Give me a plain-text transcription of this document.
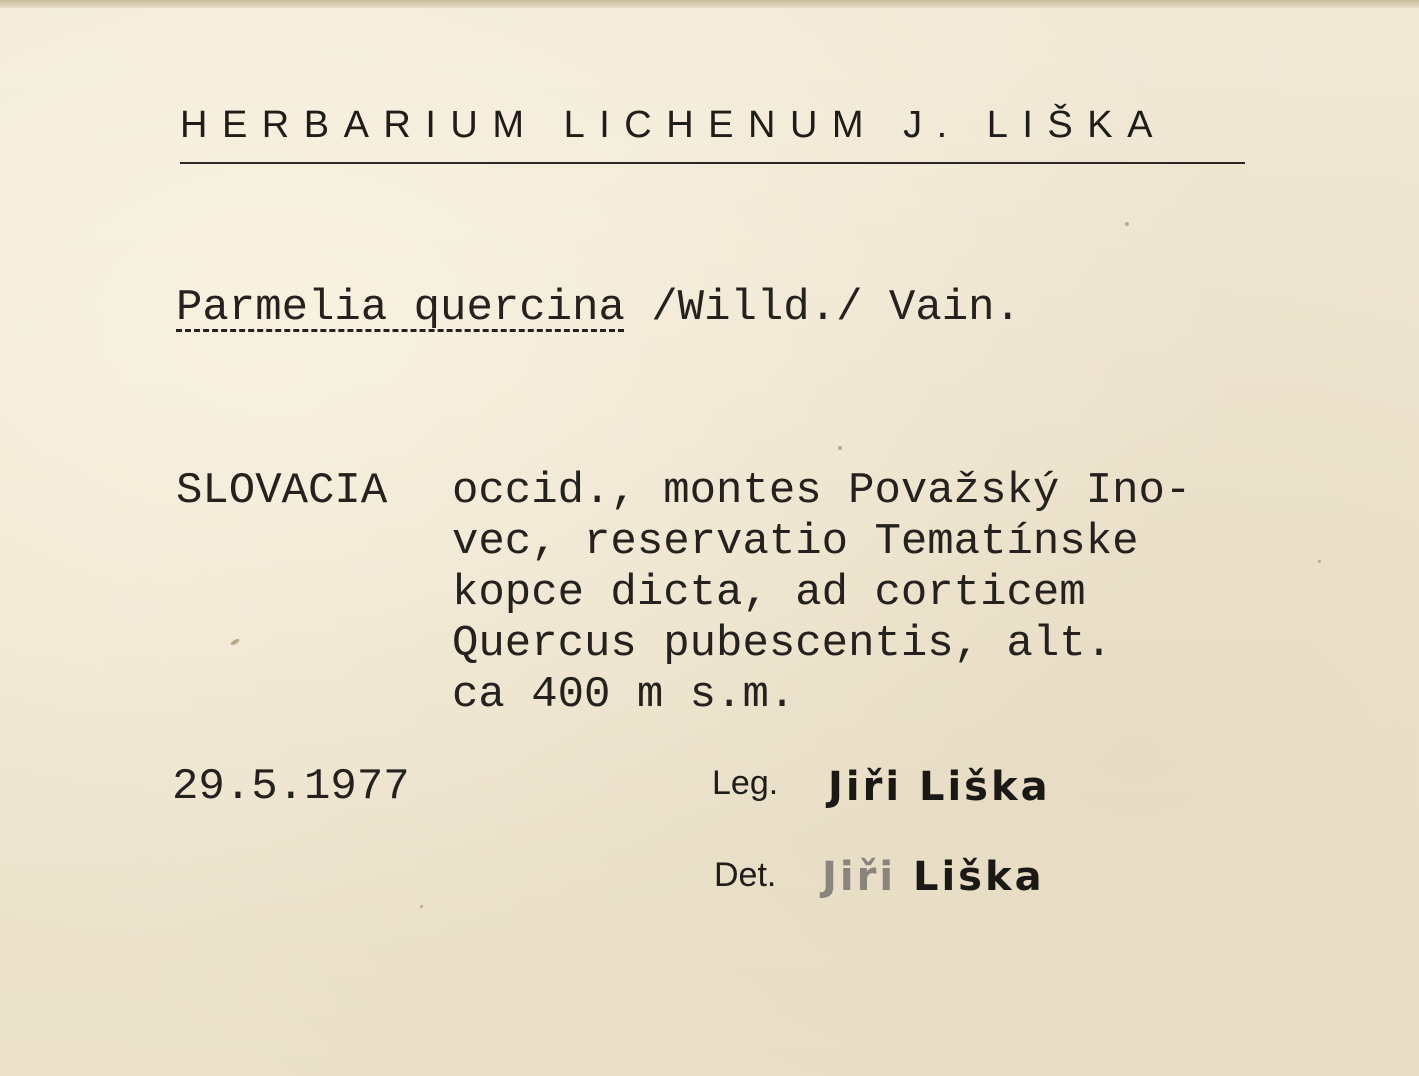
HERBARIUM LICHENUM J. LIŠKA
Parmelia quercina /Willd./ Vain.
SLOVACIA occid., montes Považský Ino-
vec, reservatio Tematínske
kopce dicta, ad corticem
Quercus pubescentis, alt.
ca 400 m s.m.
29.5.1977	Leg. Jiři Liška
Det. Jiři Liška
